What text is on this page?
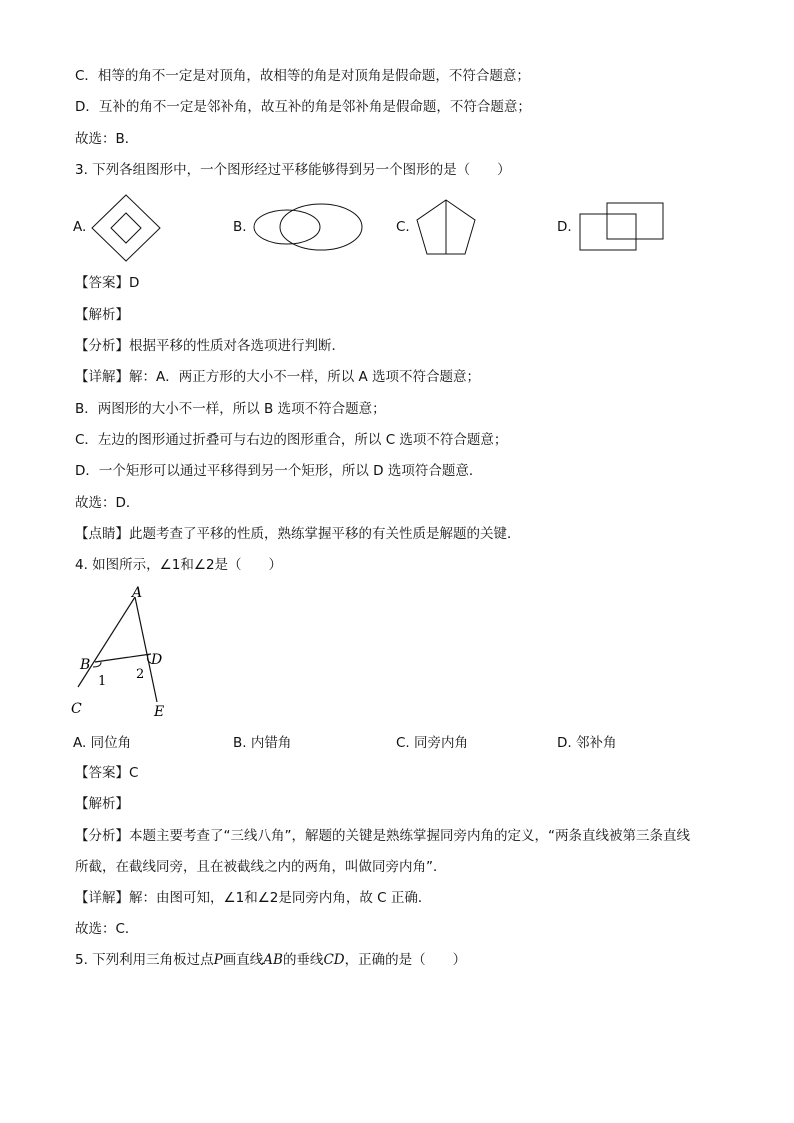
C．相等的角不一定是对顶角，故相等的角是对顶角是假命题，不符合题意；
D．互补的角不一定是邻补角，故互补的角是邻补角是假命题，不符合题意；
故选：B．
3. 下列各组图形中，一个图形经过平移能够得到另一个图形的是（　　）
A.	B.	C.	D.
【答案】D
【解析】
【分析】根据平移的性质对各选项进行判断．
【详解】解：A．两正方形的大小不一样，所以 A 选项不符合题意；
B．两图形的大小不一样，所以 B 选项不符合题意；
C．左边的图形通过折叠可与右边的图形重合，所以 C 选项不符合题意；
D．一个矩形可以通过平移得到另一个矩形，所以 D 选项符合题意．
故选：D．
【点睛】此题考查了平移的性质，熟练掌握平移的有关性质是解题的关键．
4. 如图所示，∠1和∠2是（　　）
A
B	D
1 2
C	E
A. 同位角	B. 内错角	C. 同旁内角	D. 邻补角
【答案】C
【解析】
【分析】本题主要考查了“三线八角”，解题的关键是熟练掌握同旁内角的定义，“两条直线被第三条直线
所截，在截线同旁，且在被截线之内的两角，叫做同旁内角”．
【详解】解：由图可知，∠1和∠2是同旁内角，故 C 正确．
故选：C．
5. 下列利用三角板过点P画直线AB的垂线CD，正确的是（　　）
